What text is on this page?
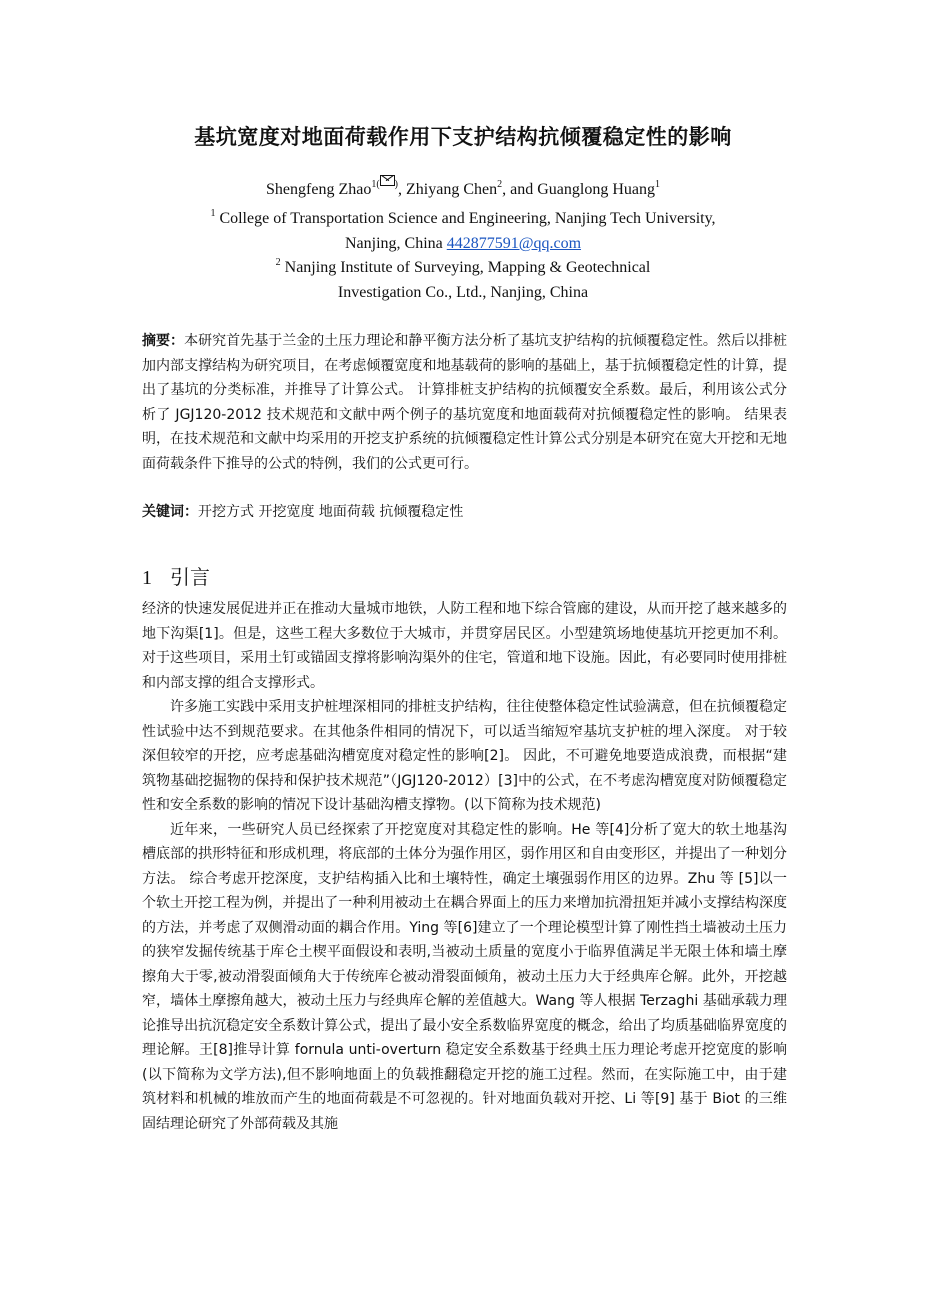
基坑宽度对地面荷载作用下支护结构抗倾覆稳定性的影响
Shengfeng Zhao$^{1( )}$, Zhiyang Chen$^2$, and Guanglong Huang$^1$
$^1$ College of Transportation Science and Engineering, Nanjing Tech University,
Nanjing, China 442877591@qq.com
$^2$ Nanjing Institute of Surveying, Mapping & Geotechnical
Investigation Co., Ltd., Nanjing, China
摘要：本研究首先基于兰金的土压力理论和静平衡方法分析了基坑支护结构的抗倾覆稳定性。然后以排桩加内部支撑结构为研究项目，在考虑倾覆宽度和地基载荷的影响的基础上，基于抗倾覆稳定性的计算，提出了基坑的分类标准，并推导了计算公式。 计算排桩支护结构的抗倾覆安全系数。最后，利用该公式分析了 JGJ120-2012 技术规范和文献中两个例子的基坑宽度和地面载荷对抗倾覆稳定性的影响。 结果表明，在技术规范和文献中均采用的开挖支护系统的抗倾覆稳定性计算公式分别是本研究在宽大开挖和无地面荷载条件下推导的公式的特例，我们的公式更可行。
关键词：开挖方式 开挖宽度 地面荷载 抗倾覆稳定性
1 引言

经济的快速发展促进并正在推动大量城市地铁，人防工程和地下综合管廊的建设，从而开挖了越来越多的地下沟渠[1]。但是，这些工程大多数位于大城市，并贯穿居民区。小型建筑场地使基坑开挖更加不利。对于这些项目，采用土钉或锚固支撑将影响沟渠外的住宅，管道和地下设施。因此，有必要同时使用排桩和内部支撑的组合支撑形式。

许多施工实践中采用支护桩埋深相同的排桩支护结构，往往使整体稳定性试验满意，但在抗倾覆稳定性试验中达不到规范要求。在其他条件相同的情况下，可以适当缩短窄基坑支护桩的埋入深度。 对于较深但较窄的开挖，应考虑基础沟槽宽度对稳定性的影响[2]。 因此，不可避免地要造成浪费，而根据“建筑物基础挖掘物的保持和保护技术规范”（JGJ120-2012）[3]中的公式，在不考虑沟槽宽度对防倾覆稳定性和安全系数的影响的情况下设计基础沟槽支撑物。(以下简称为技术规范)

近年来，一些研究人员已经探索了开挖宽度对其稳定性的影响。He 等[4]分析了宽大的软土地基沟槽底部的拱形特征和形成机理，将底部的土体分为强作用区，弱作用区和自由变形区，并提出了一种划分方法。 综合考虑开挖深度，支护结构插入比和土壤特性，确定土壤强弱作用区的边界。Zhu 等 [5]以一个软土开挖工程为例，并提出了一种利用被动土在耦合界面上的压力来增加抗滑扭矩并减小支撑结构深度的方法，并考虑了双侧滑动面的耦合作用。Ying 等[6]建立了一个理论模型计算了刚性挡土墙被动土压力的狭窄发掘传统基于库仑土楔平面假设和表明,当被动土质量的宽度小于临界值满足半无限土体和墙土摩擦角大于零,被动滑裂面倾角大于传统库仑被动滑裂面倾角，被动土压力大于经典库仑解。此外，开挖越窄，墙体土摩擦角越大，被动土压力与经典库仑解的差值越大。Wang 等人根据 Terzaghi 基础承载力理论推导出抗沉稳定安全系数计算公式，提出了最小安全系数临界宽度的概念，给出了均质基础临界宽度的理论解。王[8]推导计算 fornula unti-overturn 稳定安全系数基于经典土压力理论考虑开挖宽度的影响(以下简称为文学方法),但不影响地面上的负载推翻稳定开挖的施工过程。然而，在实际施工中，由于建筑材料和机械的堆放而产生的地面荷载是不可忽视的。针对地面负载对开挖、Li 等[9] 基于 Biot 的三维固结理论研究了外部荷载及其施
